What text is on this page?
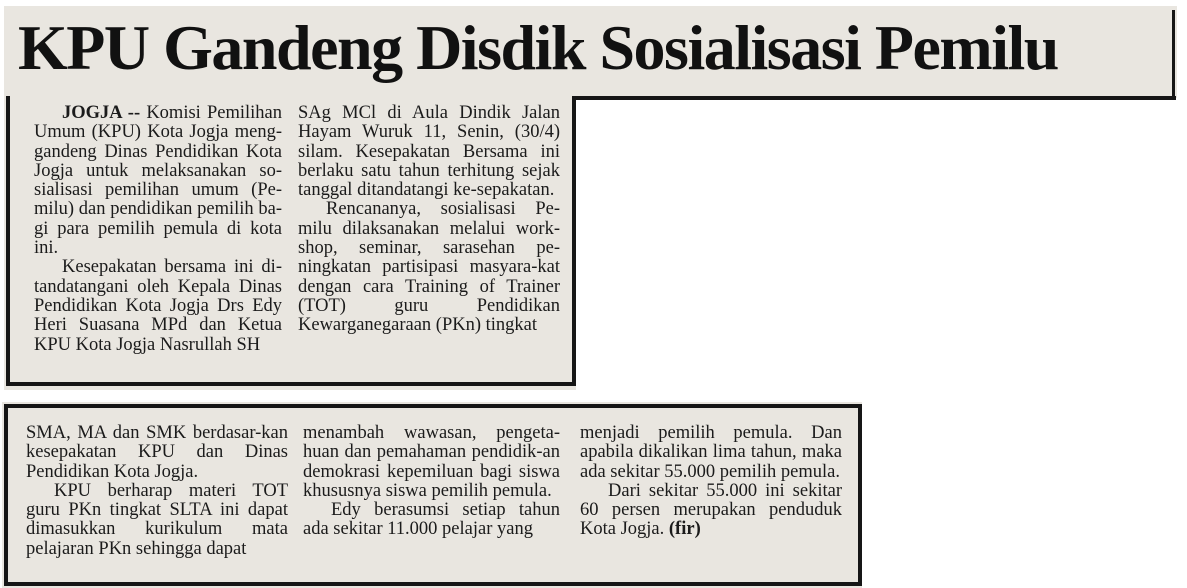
KPU Gandeng Disdik Sosialisasi Pemilu

JOGJA -- Komisi Pemilihan Umum (KPU) Kota Jogja meng-gandeng Dinas Pendidikan Kota Jogja untuk melaksanakan so-sialisasi pemilihan umum (Pe-milu) dan pendidikan pemilih ba-gi para pemilih pemula di kota ini.

Kesepakatan bersama ini di-tandatangani oleh Kepala Dinas Pendidikan Kota Jogja Drs Edy Heri Suasana MPd dan Ketua KPU Kota Jogja Nasrullah SH

SAg MCl di Aula Dindik Jalan Hayam Wuruk 11, Senin, (30/4) silam. Kesepakatan Bersama ini berlaku satu tahun terhitung sejak tanggal ditandatangi ke-sepakatan.

Rencananya, sosialisasi Pe-milu dilaksanakan melalui work-shop, seminar, sarasehan pe-ningkatan partisipasi masyara-kat dengan cara Training of Trainer (TOT) guru Pendidikan Kewarganegaraan (PKn) tingkat

SMA, MA dan SMK berdasar-kan kesepakatan KPU dan Dinas Pendidikan Kota Jogja.

KPU berharap materi TOT guru PKn tingkat SLTA ini dapat dimasukkan kurikulum mata pelajaran PKn sehingga dapat

menambah wawasan, pengeta-huan dan pemahaman pendidik-an demokrasi kepemiluan bagi siswa khususnya siswa pemilih pemula.

Edy berasumsi setiap tahun ada sekitar 11.000 pelajar yang

menjadi pemilih pemula. Dan apabila dikalikan lima tahun, maka ada sekitar 55.000 pemilih pemula.

Dari sekitar 55.000 ini sekitar 60 persen merupakan penduduk Kota Jogja. (fir)
